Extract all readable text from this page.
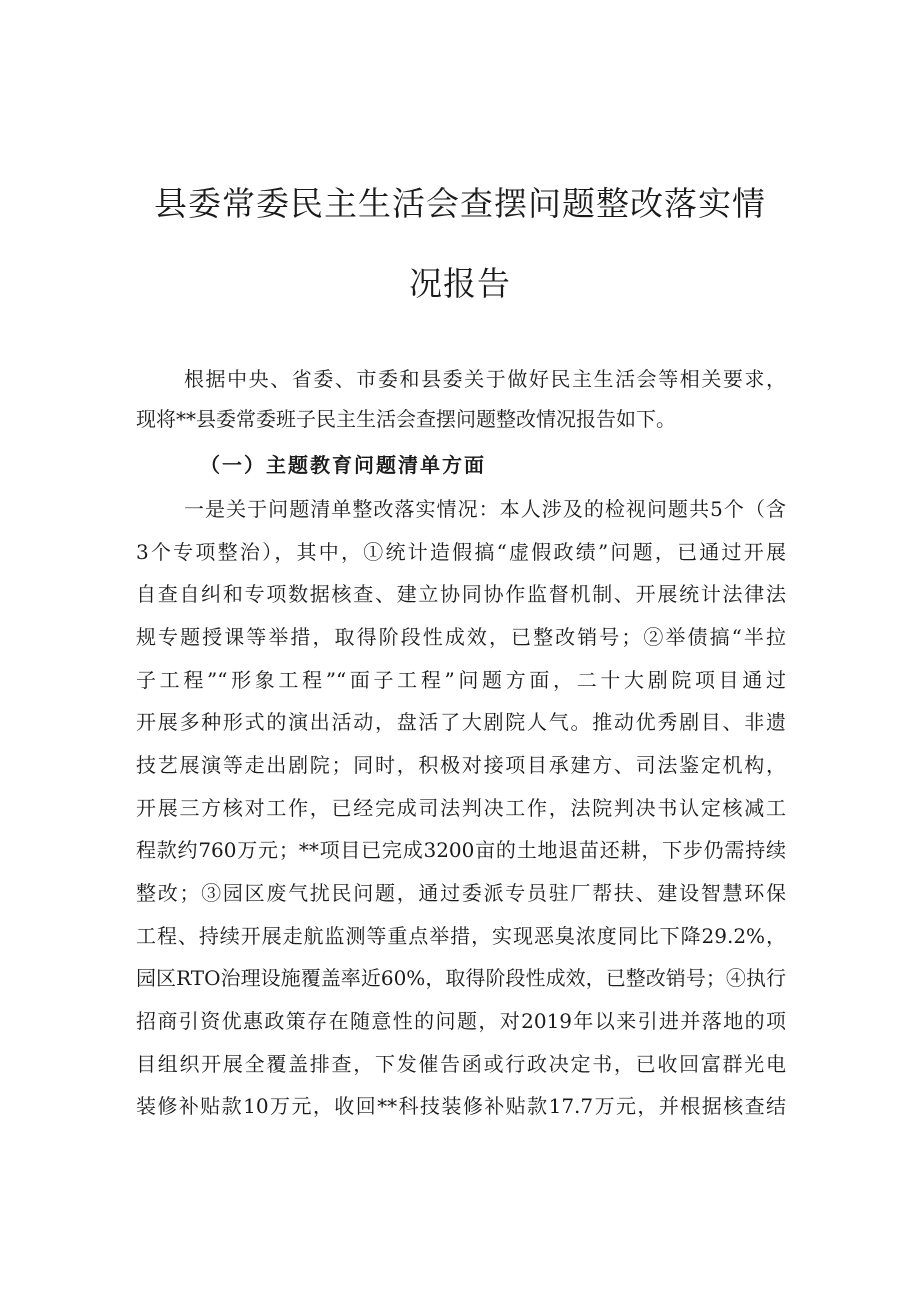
县委常委民主生活会查摆问题整改落实情
况报告
根据中央、省委、市委和县委关于做好民主生活会等相关要求，
现将**县委常委班子民主生活会查摆问题整改情况报告如下。
（一）主题教育问题清单方面
一是关于问题清单整改落实情况：本人涉及的检视问题共5个（含
3个专项整治），其中，①统计造假搞“虚假政绩”问题，已通过开展
自查自纠和专项数据核查、建立协同协作监督机制、开展统计法律法
规专题授课等举措，取得阶段性成效，已整改销号；②举债搞“半拉
子工程”“形象工程”“面子工程”问题方面，二十大剧院项目通过
开展多种形式的演出活动，盘活了大剧院人气。推动优秀剧目、非遗
技艺展演等走出剧院；同时，积极对接项目承建方、司法鉴定机构，
开展三方核对工作，已经完成司法判决工作，法院判决书认定核减工
程款约760万元；**项目已完成3200亩的土地退苗还耕，下步仍需持续
整改；③园区废气扰民问题，通过委派专员驻厂帮扶、建设智慧环保
工程、持续开展走航监测等重点举措，实现恶臭浓度同比下降29.2%，
园区RTO治理设施覆盖率近60%，取得阶段性成效，已整改销号；④执行
招商引资优惠政策存在随意性的问题，对2019年以来引进并落地的项
目组织开展全覆盖排查，下发催告函或行政决定书，已收回富群光电
装修补贴款10万元，收回**科技装修补贴款17.7万元，并根据核查结
